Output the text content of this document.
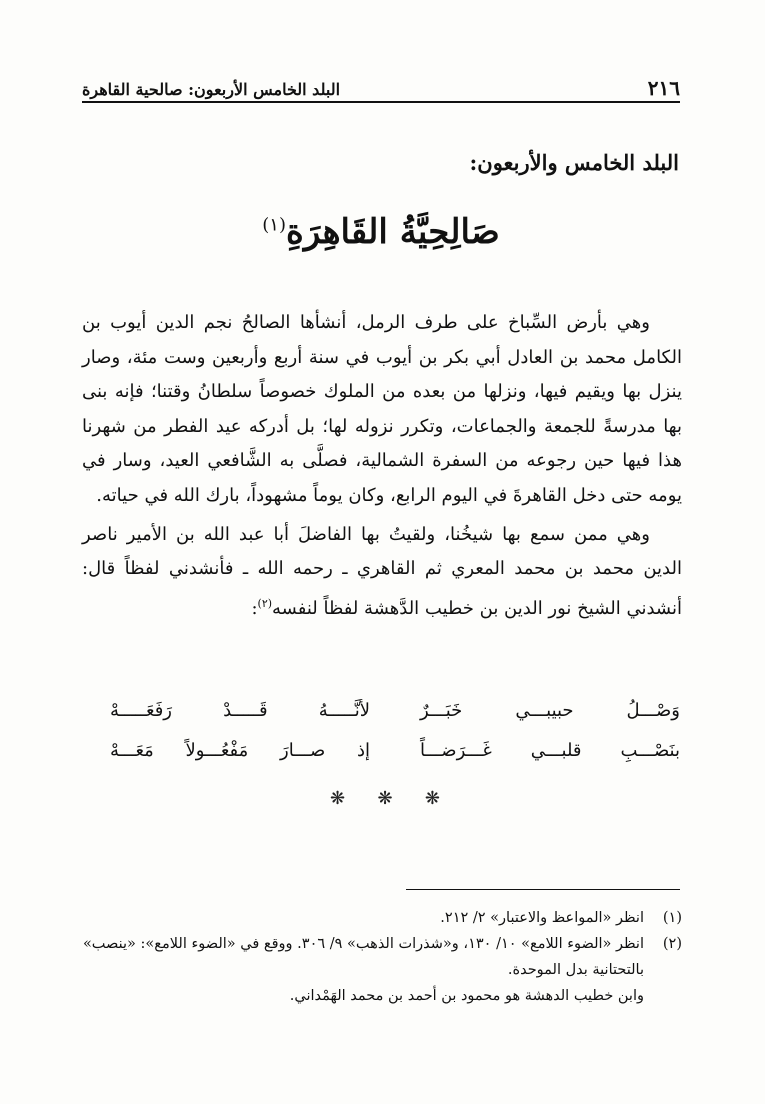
٢١٦
البلد الخامس الأربعون: صالحية القاهرة
البلد الخامس والأربعون:
صَالِحِيَّةُ القَاهِرَةِ$^{(١)}$

وهي بأرض السِّباخ على طرف الرمل، أنشأها الصالحُ نجم الدين أيوب بن الكامل محمد بن العادل أبي بكر بن أيوب في سنة أربع وأربعين وست مئة، وصار ينزل بها ويقيم فيها، ونزلها من بعده من الملوك خصوصاً سلطانُ وقتنا؛ فإنه بنى بها مدرسةً للجمعة والجماعات، وتكرر نزوله لها؛ بل أدركه عيد الفطر من شهرنا هذا فيها حين رجوعه من السفرة الشمالية، فصلَّى به الشَّافعي العيد، وسار في يومه حتى دخل القاهرةَ في اليوم الرابع، وكان يوماً مشهوداً، بارك الله في حياته.

وهي ممن سمع بها شيخُنا، ولقيتُ بها الفاضلَ أبا عبد الله بن الأمير ناصر الدين محمد بن محمد المعري ثم القاهري ـ رحمه الله ـ فأنشدني لفظاً قال: أنشدني الشيخ نور الدين بن خطيب الدَّهشة لفظاً لنفسه$^{(٢)}$:

وَصْـــلُ حبيبـــي خَبَـــرٌ
لأنَّـــــهُ قَـــــدْ رَفَعَـــــهْ
بنَصْـــبِ قلبـــي غَـــرَضـــاً
إذ صـــارَ مَفْعُـــولاً مَعَـــهْ
❋ ❋ ❋
(١)
انظر «المواعظ والاعتبار» ٢/ ٢١٢.
(٢)
انظر «الضوء اللامع» ١٠/ ١٣٠، و«شذرات الذهب» ٩/ ٣٠٦. ووقع في «الضوء اللامع»: «ينصب» بالتحتانية بدل الموحدة.
وابن خطيب الدهشة هو محمود بن أحمد بن محمد الهَمْداني.
